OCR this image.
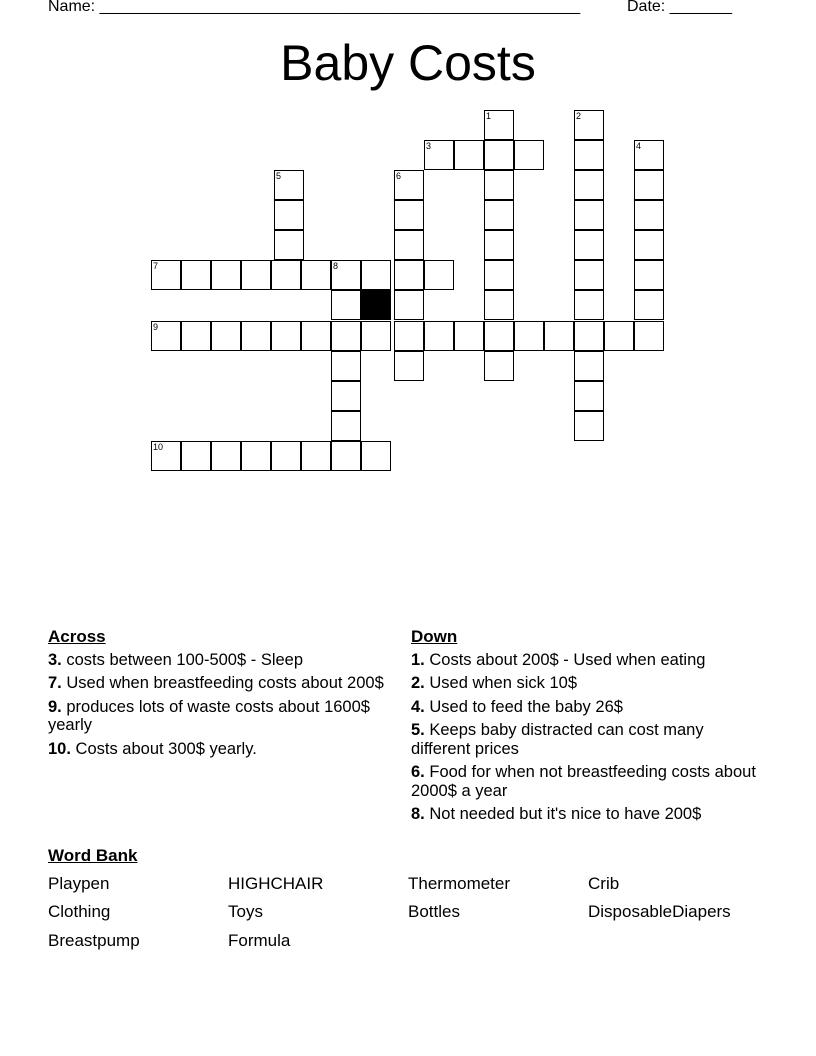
Name: ______________________________________________________	Date: _______
Baby Costs
1	2
3	4
5	6
7	8
9
10
Across
3. costs between 100-500$ - Sleep
7. Used when breastfeeding costs about 200$
9. produces lots of waste costs about 1600$ yearly
10. Costs about 300$ yearly.
Down
1. Costs about 200$ - Used when eating
2. Used when sick 10$
4. Used to feed the baby 26$
5. Keeps baby distracted can cost many different prices
6. Food for when not breastfeeding costs about 2000$ a year
8. Not needed but it's nice to have 200$
Word Bank
Playpen	HIGHCHAIR	Thermometer	Crib
Clothing	Toys	Bottles	DisposableDiapers
Breastpump	Formula
